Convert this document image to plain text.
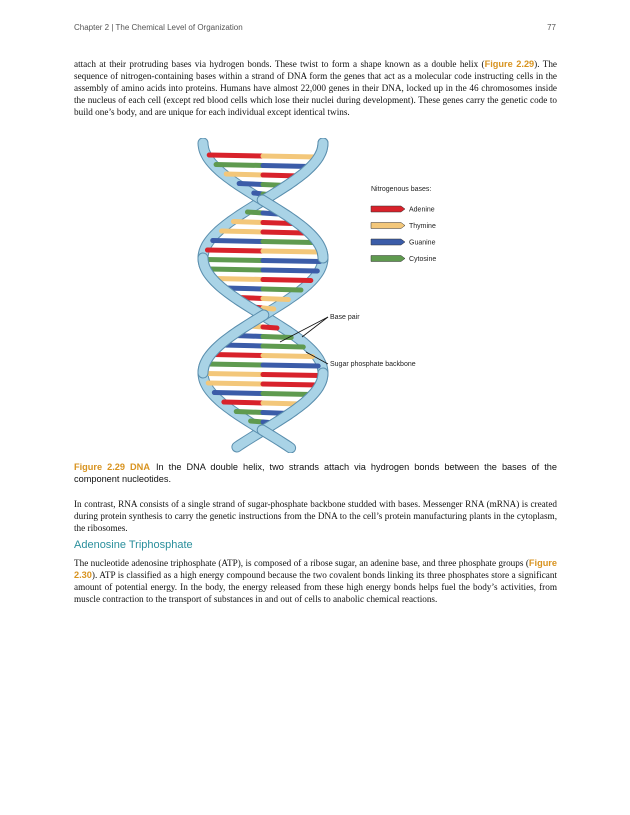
Chapter 2 | The Chemical Level of Organization	77

attach at their protruding bases via hydrogen bonds. These twist to form a shape known as a double helix (Figure 2.29). The sequence of nitrogen-containing bases within a strand of DNA form the genes that act as a molecular code instructing cells in the assembly of amino acids into proteins. Humans have almost 22,000 genes in their DNA, locked up in the 46 chromosomes inside the nucleus of each cell (except red blood cells which lose their nuclei during development). These genes carry the genetic code to build one’s body, and are unique for each individual except identical twins.

Nitrogenous bases:
Adenine
Thymine
Guanine
Cytosine
Base pair
Sugar phosphate backbone

Figure 2.29 DNA In the DNA double helix, two strands attach via hydrogen bonds between the bases of the component nucleotides.

In contrast, RNA consists of a single strand of sugar-phosphate backbone studded with bases. Messenger RNA (mRNA) is created during protein synthesis to carry the genetic instructions from the DNA to the cell’s protein manufacturing plants in the cytoplasm, the ribosomes.

Adenosine Triphosphate

The nucleotide adenosine triphosphate (ATP), is composed of a ribose sugar, an adenine base, and three phosphate groups (Figure 2.30). ATP is classified as a high energy compound because the two covalent bonds linking its three phosphates store a significant amount of potential energy. In the body, the energy released from these high energy bonds helps fuel the body’s activities, from muscle contraction to the transport of substances in and out of cells to anabolic chemical reactions.
